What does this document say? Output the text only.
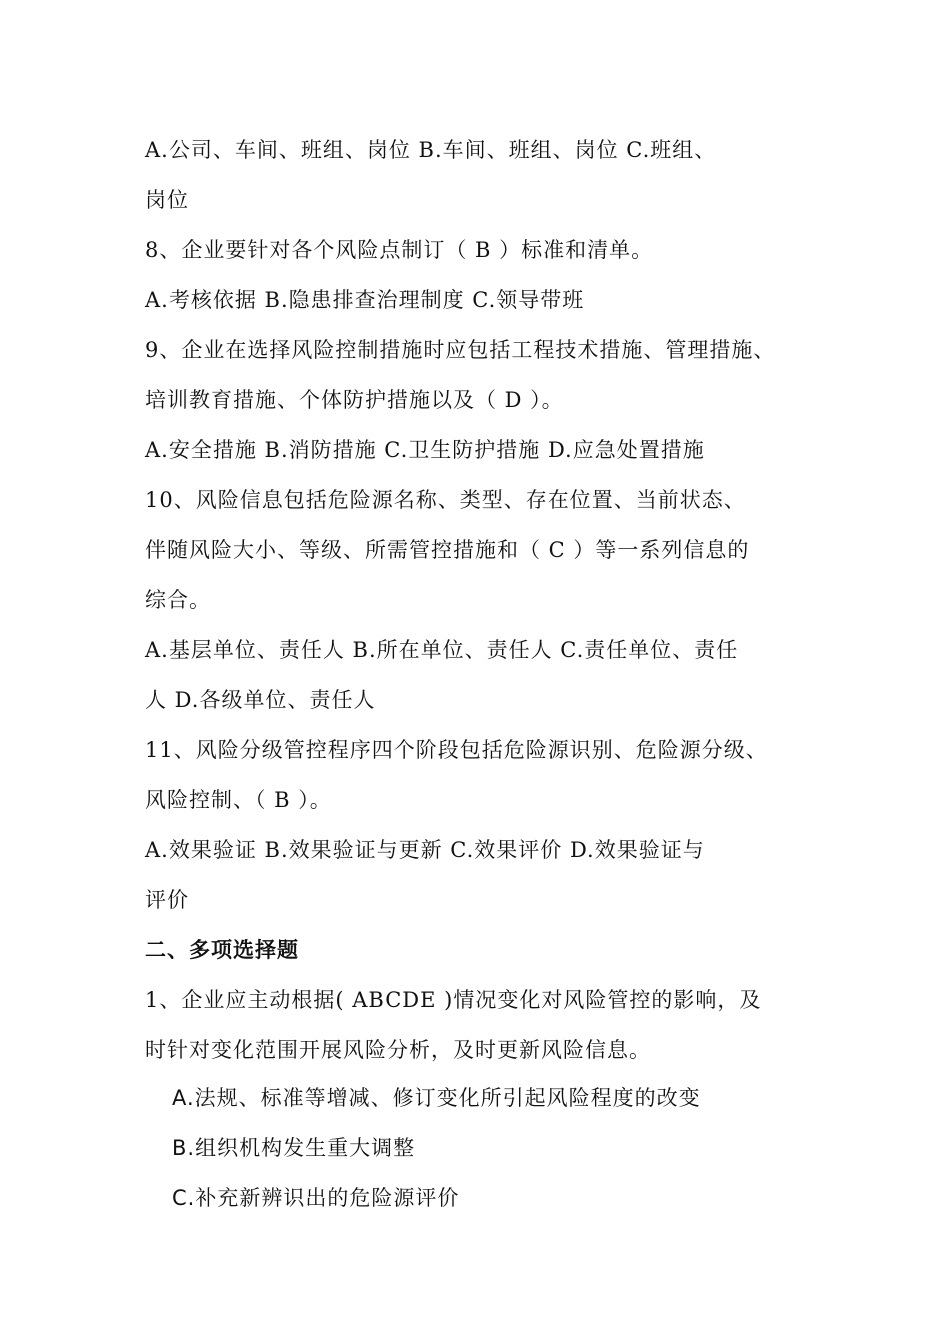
A.公司、车间、班组、岗位 B.车间、班组、岗位 C.班组、
岗位
8、企业要针对各个风险点制订（ B ）标准和清单。
A.考核依据 B.隐患排查治理制度 C.领导带班
9、企业在选择风险控制措施时应包括工程技术措施、管理措施、
培训教育措施、个体防护措施以及（ D ）。
A.安全措施 B.消防措施 C.卫生防护措施 D.应急处置措施
10、风险信息包括危险源名称、类型、存在位置、当前状态、
伴随风险大小、等级、所需管控措施和（ C ）等一系列信息的
综合。
A.基层单位、责任人 B.所在单位、责任人 C.责任单位、责任
人 D.各级单位、责任人
11、风险分级管控程序四个阶段包括危险源识别、危险源分级、
风险控制、（ B ）。
A.效果验证 B.效果验证与更新 C.效果评价 D.效果验证与
评价
二、多项选择题
1、企业应主动根据( ABCDE )情况变化对风险管控的影响，及
时针对变化范围开展风险分析，及时更新风险信息。
A.法规、标准等增减、修订变化所引起风险程度的改变
B.组织机构发生重大调整
C.补充新辨识出的危险源评价
